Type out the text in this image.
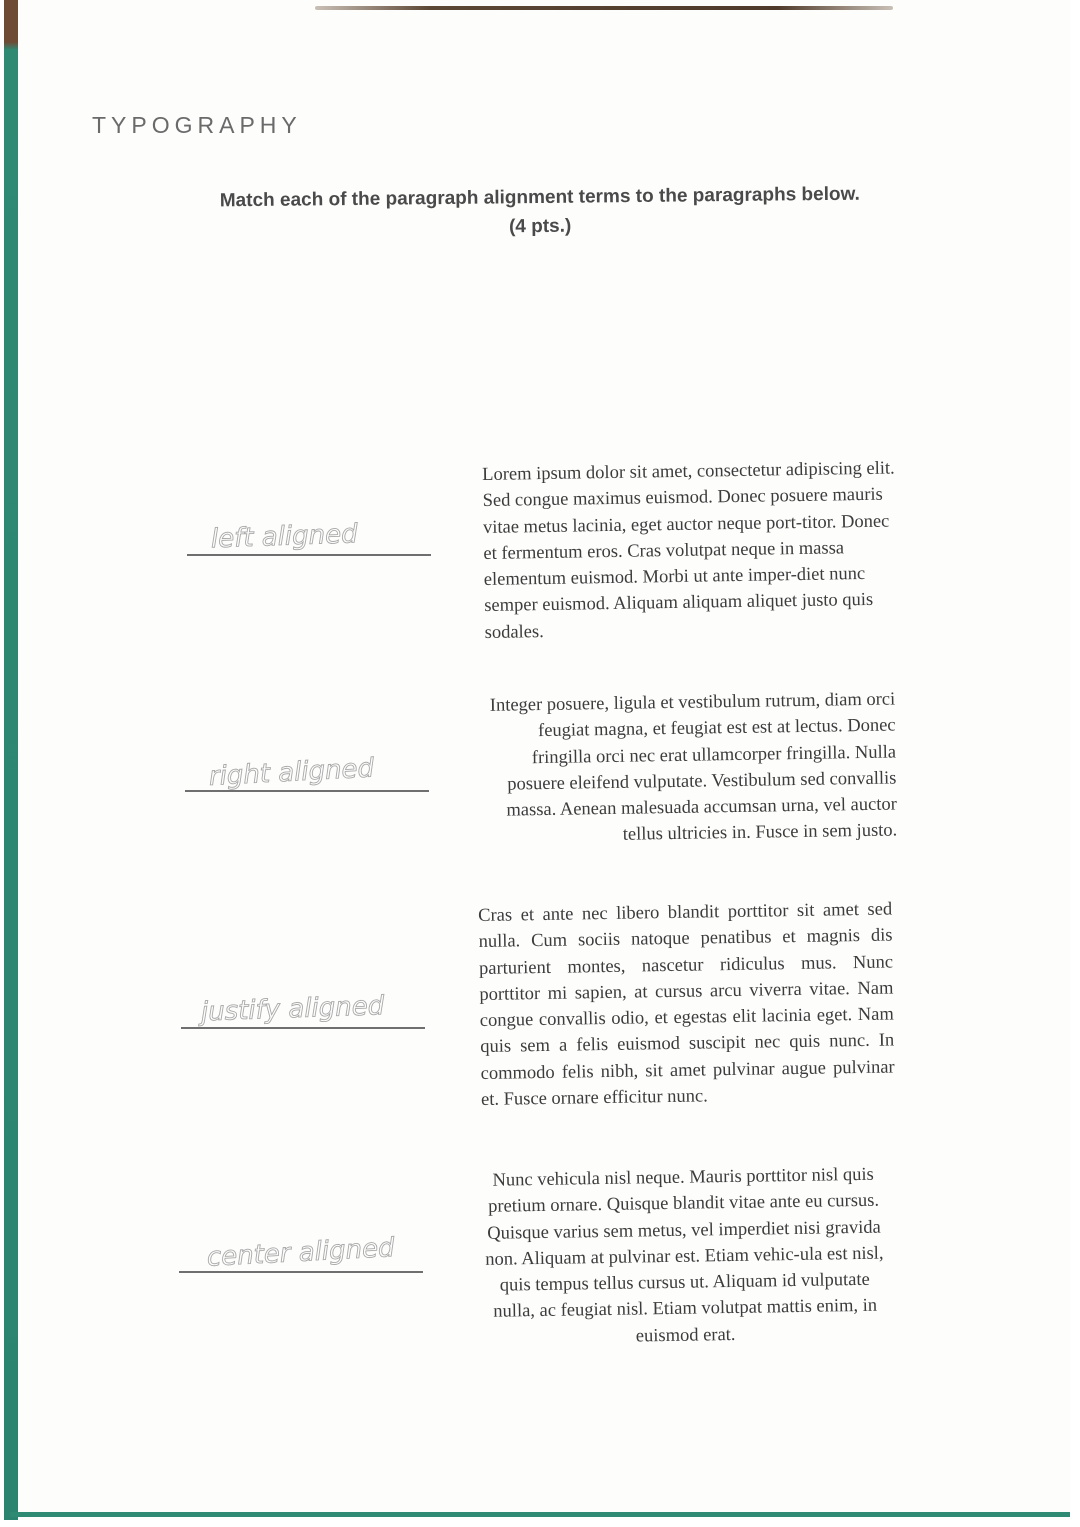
TYPOGRAPHY
Match each of the paragraph alignment terms to the paragraphs below.
(4 pts.)
left aligned
right aligned
justify aligned
center aligned
Lorem ipsum dolor sit amet, consectetur adipiscing elit. Sed congue maximus euismod. Donec posuere mauris vitae metus lacinia, eget auctor neque port-titor. Donec et fermentum eros. Cras volutpat neque in massa elementum euismod. Morbi ut ante imper-diet nunc semper euismod. Aliquam aliquam aliquet justo quis sodales.
Integer posuere, ligula et vestibulum rutrum, diam orci feugiat magna, et feugiat est est at lectus. Donec fringilla orci nec erat ullamcorper fringilla. Nulla posuere eleifend vulputate. Vestibulum sed convallis massa. Aenean malesuada accumsan urna, vel auctor tellus ultricies in. Fusce in sem justo.
Cras et ante nec libero blandit porttitor sit amet sed nulla. Cum sociis natoque penatibus et magnis dis parturient montes, nascetur ridiculus mus. Nunc porttitor mi sapien, at cursus arcu viverra vitae. Nam congue convallis odio, et egestas elit lacinia eget. Nam quis sem a felis euismod suscipit nec quis nunc. In commodo felis nibh, sit amet pulvinar augue pulvinar et. Fusce ornare efficitur nunc.
Nunc vehicula nisl neque. Mauris porttitor nisl quis pretium ornare. Quisque blandit vitae ante eu cursus. Quisque varius sem metus, vel imperdiet nisi gravida non. Aliquam at pulvinar est. Etiam vehic-ula est nisl, quis tempus tellus cursus ut. Aliquam id vulputate nulla, ac feugiat nisl. Etiam volutpat mattis enim, in euismod erat.
